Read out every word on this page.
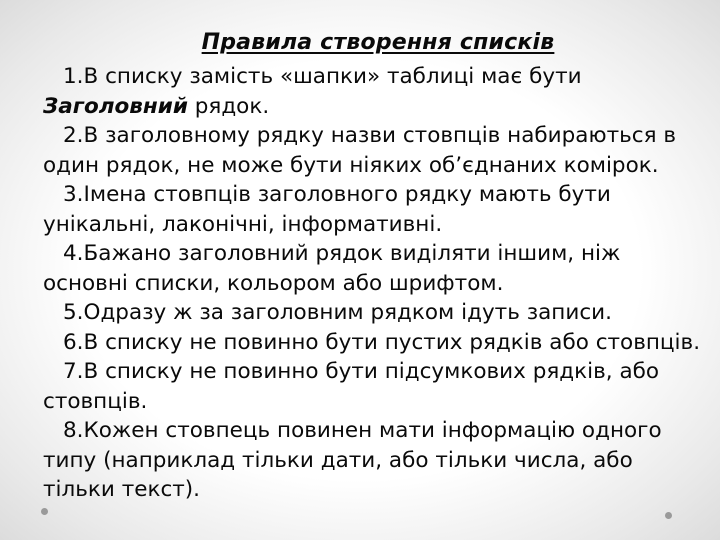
Правила створення списків

1.В списку замість «шапки» таблиці має бути Заголовний рядок.

2.В заголовному рядку назви стовпців набираються в один рядок, не може бути ніяких об’єднаних комірок.

3.Імена стовпців заголовного рядку мають бути унікальні, лаконічні, інформативні.

4.Бажано заголовний рядок виділяти іншим, ніж основні списки, кольором або шрифтом.

5.Одразу ж за заголовним рядком ідуть записи.

6.В списку не повинно бути пустих рядків або стовпців.

7.В списку не повинно бути підсумкових рядків, або стовпців.

8.Кожен стовпець повинен мати інформацію одного типу (наприклад тільки дати, або тільки числа, або тільки текст).
